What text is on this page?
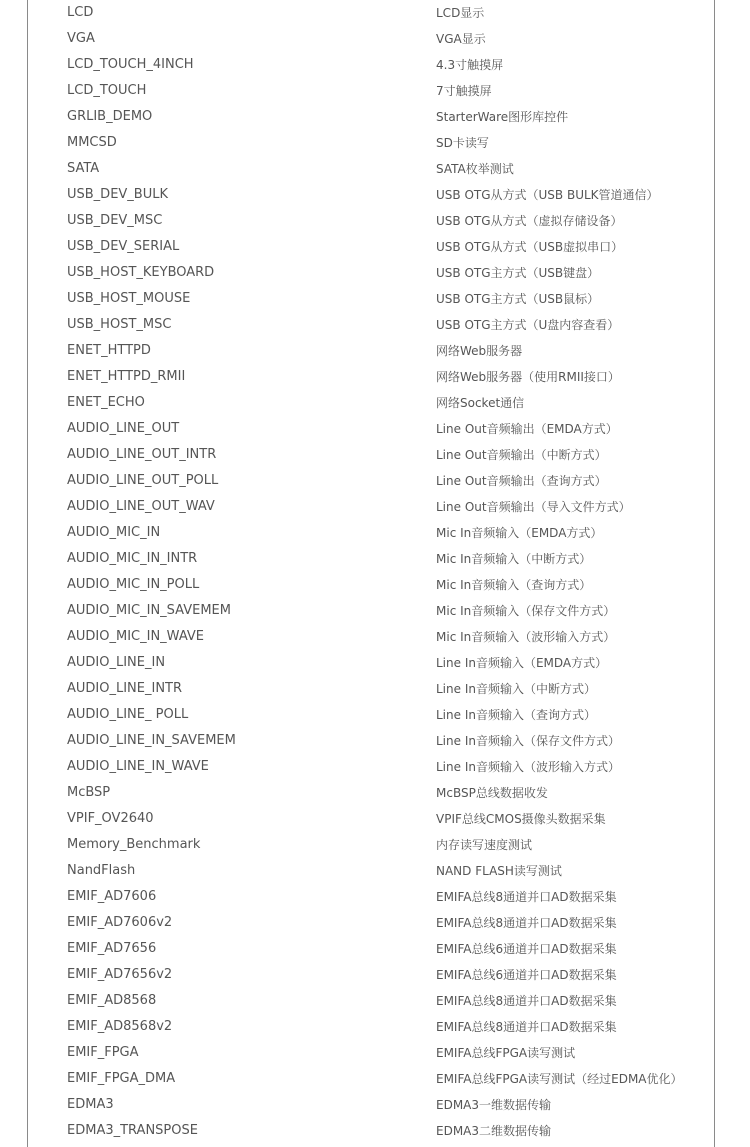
LCD	LCD显示
VGA	VGA显示
LCD_TOUCH_4INCH	4.3寸触摸屏
LCD_TOUCH	7寸触摸屏
GRLIB_DEMO	StarterWare图形库控件
MMCSD	SD卡读写
SATA	SATA枚举测试
USB_DEV_BULK	USB OTG从方式（USB BULK管道通信）
USB_DEV_MSC	USB OTG从方式（虚拟存储设备）
USB_DEV_SERIAL	USB OTG从方式（USB虚拟串口）
USB_HOST_KEYBOARD	USB OTG主方式（USB键盘）
USB_HOST_MOUSE	USB OTG主方式（USB鼠标）
USB_HOST_MSC	USB OTG主方式（U盘内容查看）
ENET_HTTPD	网络Web服务器
ENET_HTTPD_RMII	网络Web服务器（使用RMII接口）
ENET_ECHO	网络Socket通信
AUDIO_LINE_OUT	Line Out音频输出（EMDA方式）
AUDIO_LINE_OUT_INTR	Line Out音频输出（中断方式）
AUDIO_LINE_OUT_POLL	Line Out音频输出（查询方式）
AUDIO_LINE_OUT_WAV	Line Out音频输出（导入文件方式）
AUDIO_MIC_IN	Mic In音频输入（EMDA方式）
AUDIO_MIC_IN_INTR	Mic In音频输入（中断方式）
AUDIO_MIC_IN_POLL	Mic In音频输入（查询方式）
AUDIO_MIC_IN_SAVEMEM	Mic In音频输入（保存文件方式）
AUDIO_MIC_IN_WAVE	Mic In音频输入（波形输入方式）
AUDIO_LINE_IN	Line In音频输入（EMDA方式）
AUDIO_LINE_INTR	Line In音频输入（中断方式）
AUDIO_LINE_ POLL	Line In音频输入（查询方式）
AUDIO_LINE_IN_SAVEMEM	Line In音频输入（保存文件方式）
AUDIO_LINE_IN_WAVE	Line In音频输入（波形输入方式）
McBSP	McBSP总线数据收发
VPIF_OV2640	VPIF总线CMOS摄像头数据采集
Memory_Benchmark	内存读写速度测试
NandFlash	NAND FLASH读写测试
EMIF_AD7606	EMIFA总线8通道并口AD数据采集
EMIF_AD7606v2	EMIFA总线8通道并口AD数据采集
EMIF_AD7656	EMIFA总线6通道并口AD数据采集
EMIF_AD7656v2	EMIFA总线6通道并口AD数据采集
EMIF_AD8568	EMIFA总线8通道并口AD数据采集
EMIF_AD8568v2	EMIFA总线8通道并口AD数据采集
EMIF_FPGA	EMIFA总线FPGA读写测试
EMIF_FPGA_DMA	EMIFA总线FPGA读写测试（经过EDMA优化）
EDMA3	EDMA3一维数据传输
EDMA3_TRANSPOSE	EDMA3二维数据传输
